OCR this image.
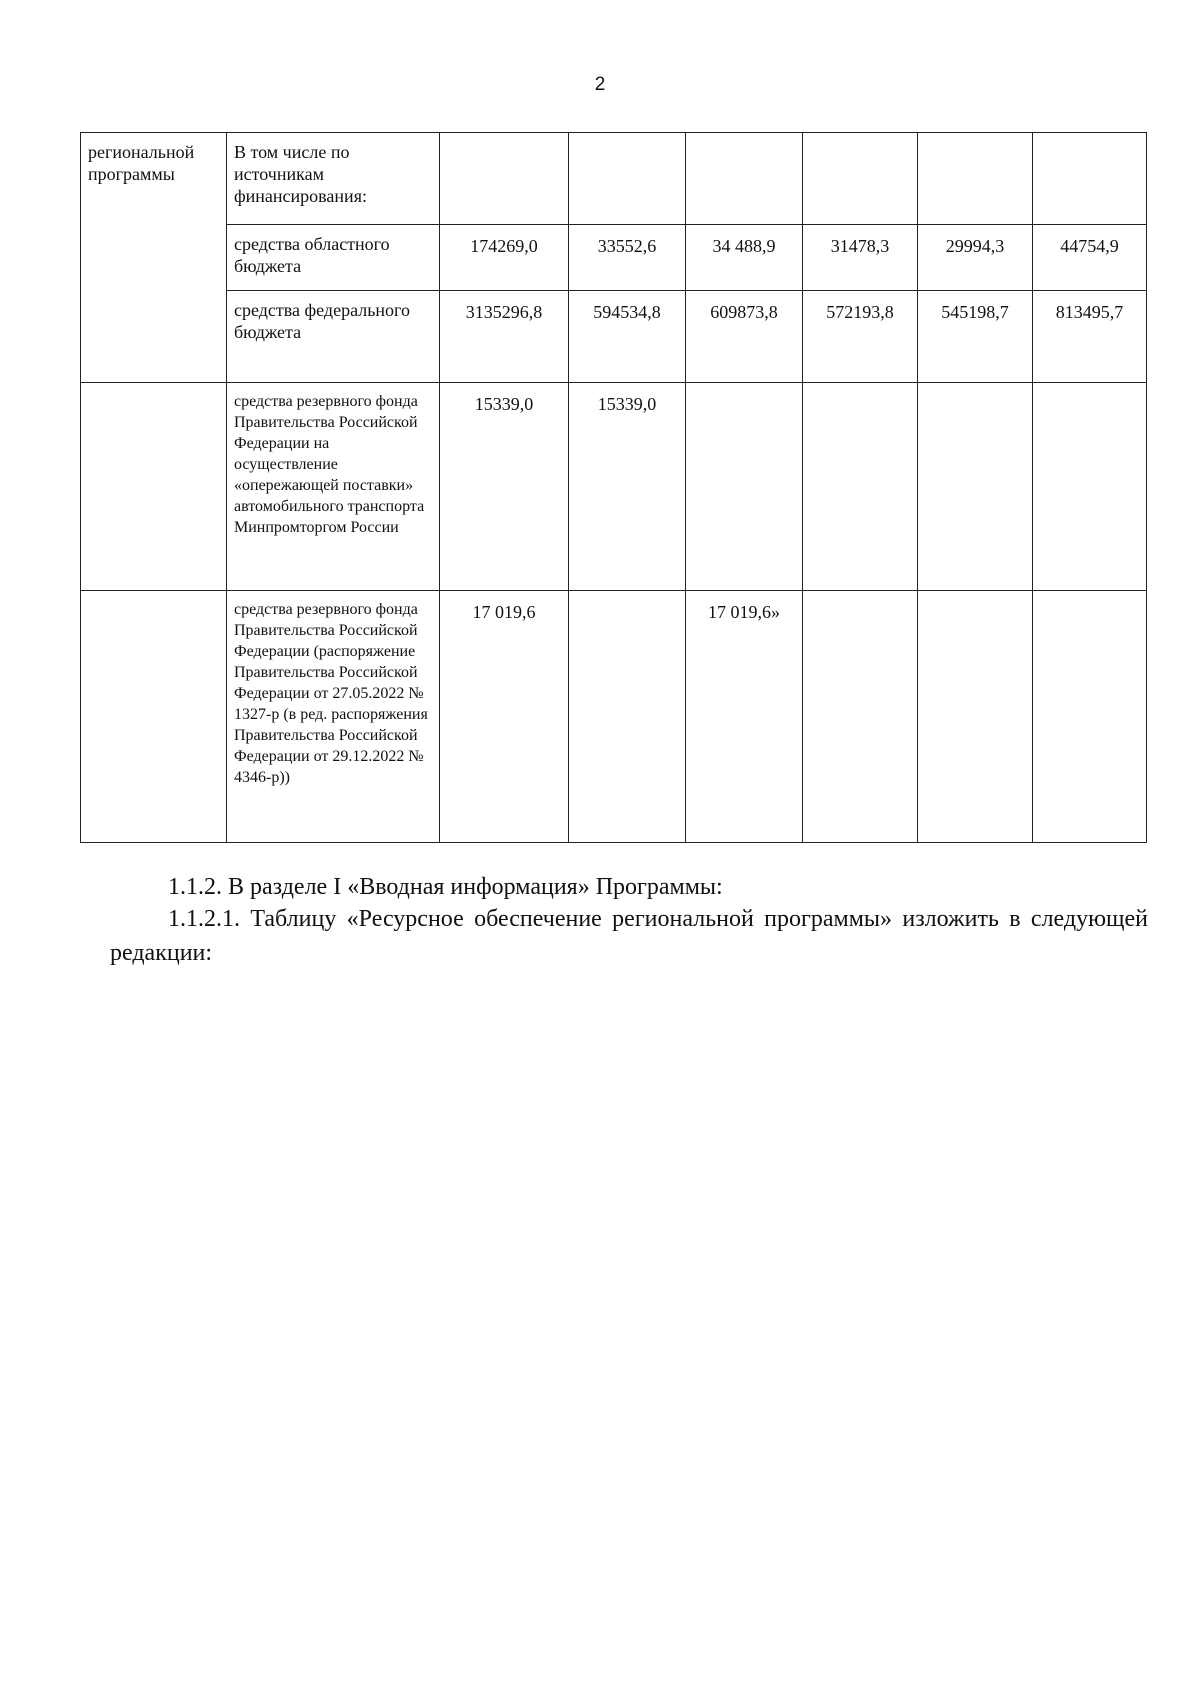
2
региональной программы	В том числе по источникам финансирования:						
	средства областного бюджета	174269,0	33552,6	34 488,9	31478,3	29994,3	44754,9
	средства федерального бюджета	3135296,8	594534,8	609873,8	572193,8	545198,7	813495,7
	средства резервного фонда Правительства Российской Федерации на осуществление «опережающей поставки» автомобильного транспорта Минпромторгом России	15339,0	15339,0				
	средства резервного фонда Правительства Российской Федерации (распоряжение Правительства Российской Федерации от 27.05.2022 № 1327-р (в ред. распоряжения Правительства Российской Федерации от 29.12.2022 № 4346-р))	17 019,6		17 019,6»			
1.1.2. В разделе I «Вводная информация» Программы:
1.1.2.1. Таблицу «Ресурсное обеспечение региональной программы» изложить в следующей редакции:
